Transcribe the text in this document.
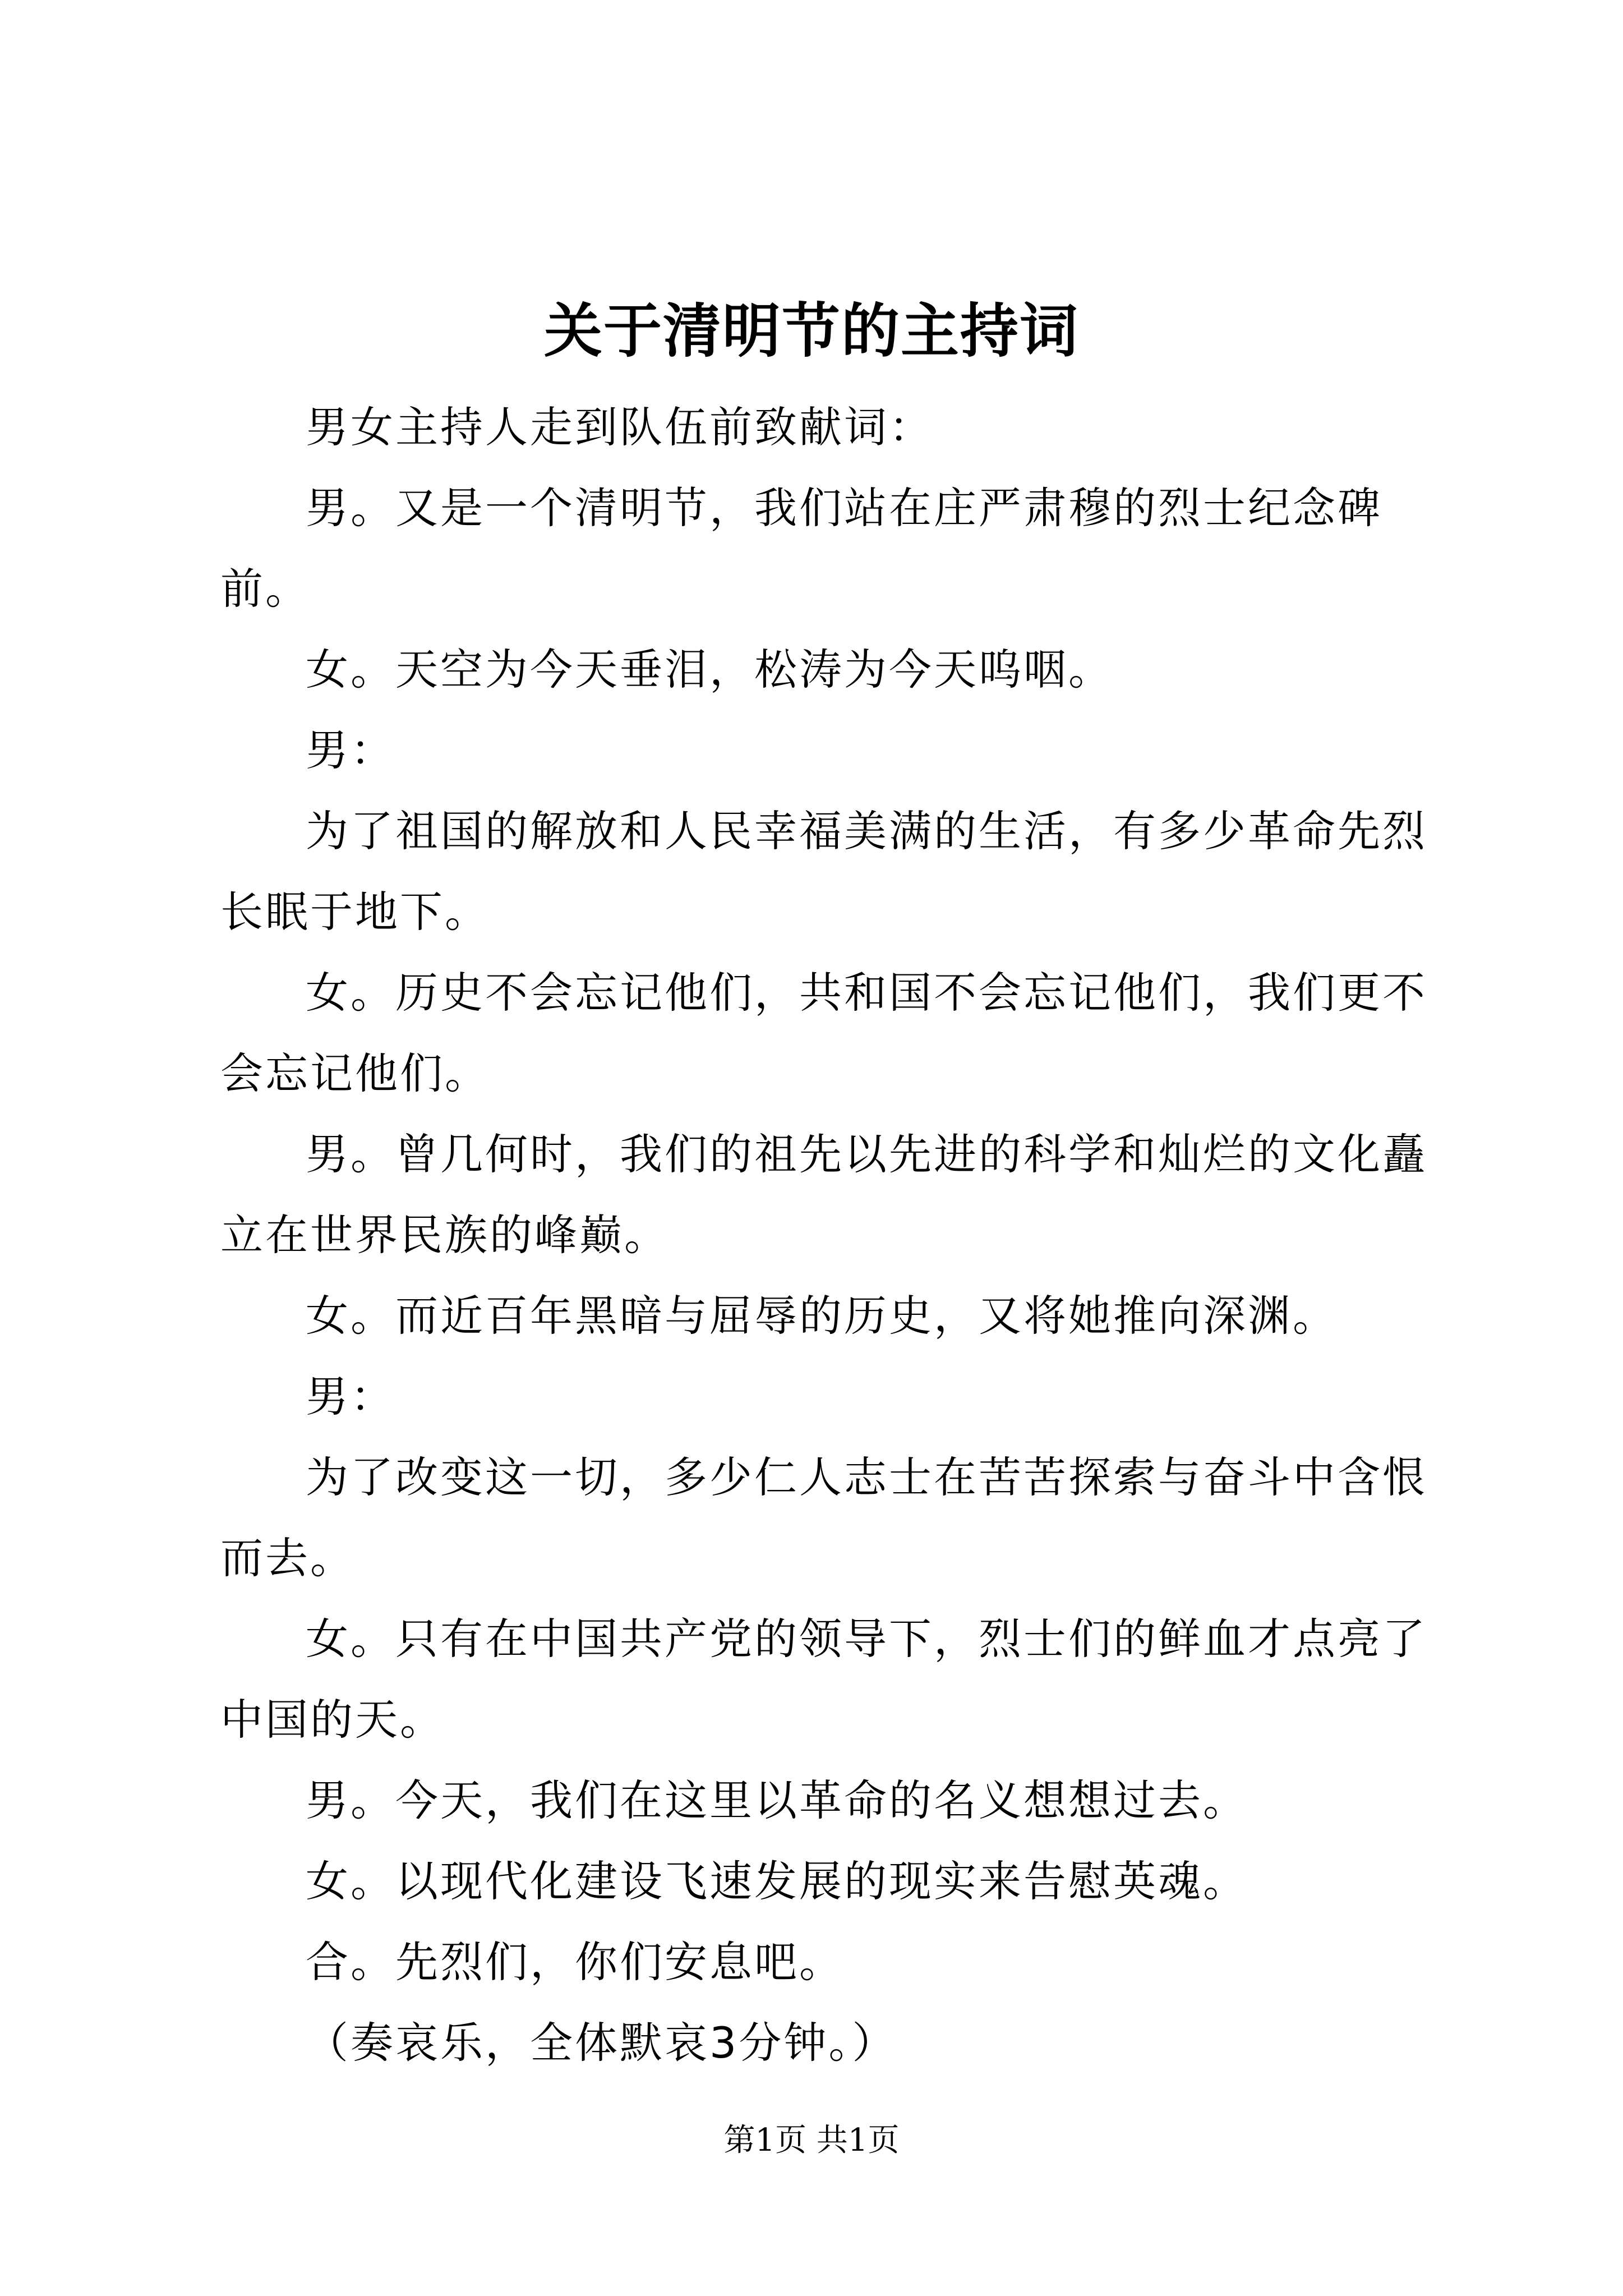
关于清明节的主持词

男女主持人走到队伍前致献词：

男。又是一个清明节，我们站在庄严肃穆的烈士纪念碑前。

女。天空为今天垂泪，松涛为今天呜咽。

男：

为了祖国的解放和人民幸福美满的生活，有多少革命先烈长眠于地下。

女。历史不会忘记他们，共和国不会忘记他们，我们更不会忘记他们。

男。曾几何时，我们的祖先以先进的科学和灿烂的文化矗立在世界民族的峰巅。

女。而近百年黑暗与屈辱的历史，又将她推向深渊。

男：

为了改变这一切，多少仁人志士在苦苦探索与奋斗中含恨而去。

女。只有在中国共产党的领导下，烈士们的鲜血才点亮了中国的天。

男。今天，我们在这里以革命的名义想想过去。

女。以现代化建设飞速发展的现实来告慰英魂。

合。先烈们，你们安息吧。

（奏哀乐，全体默哀3分钟。）

第1页 共1页
